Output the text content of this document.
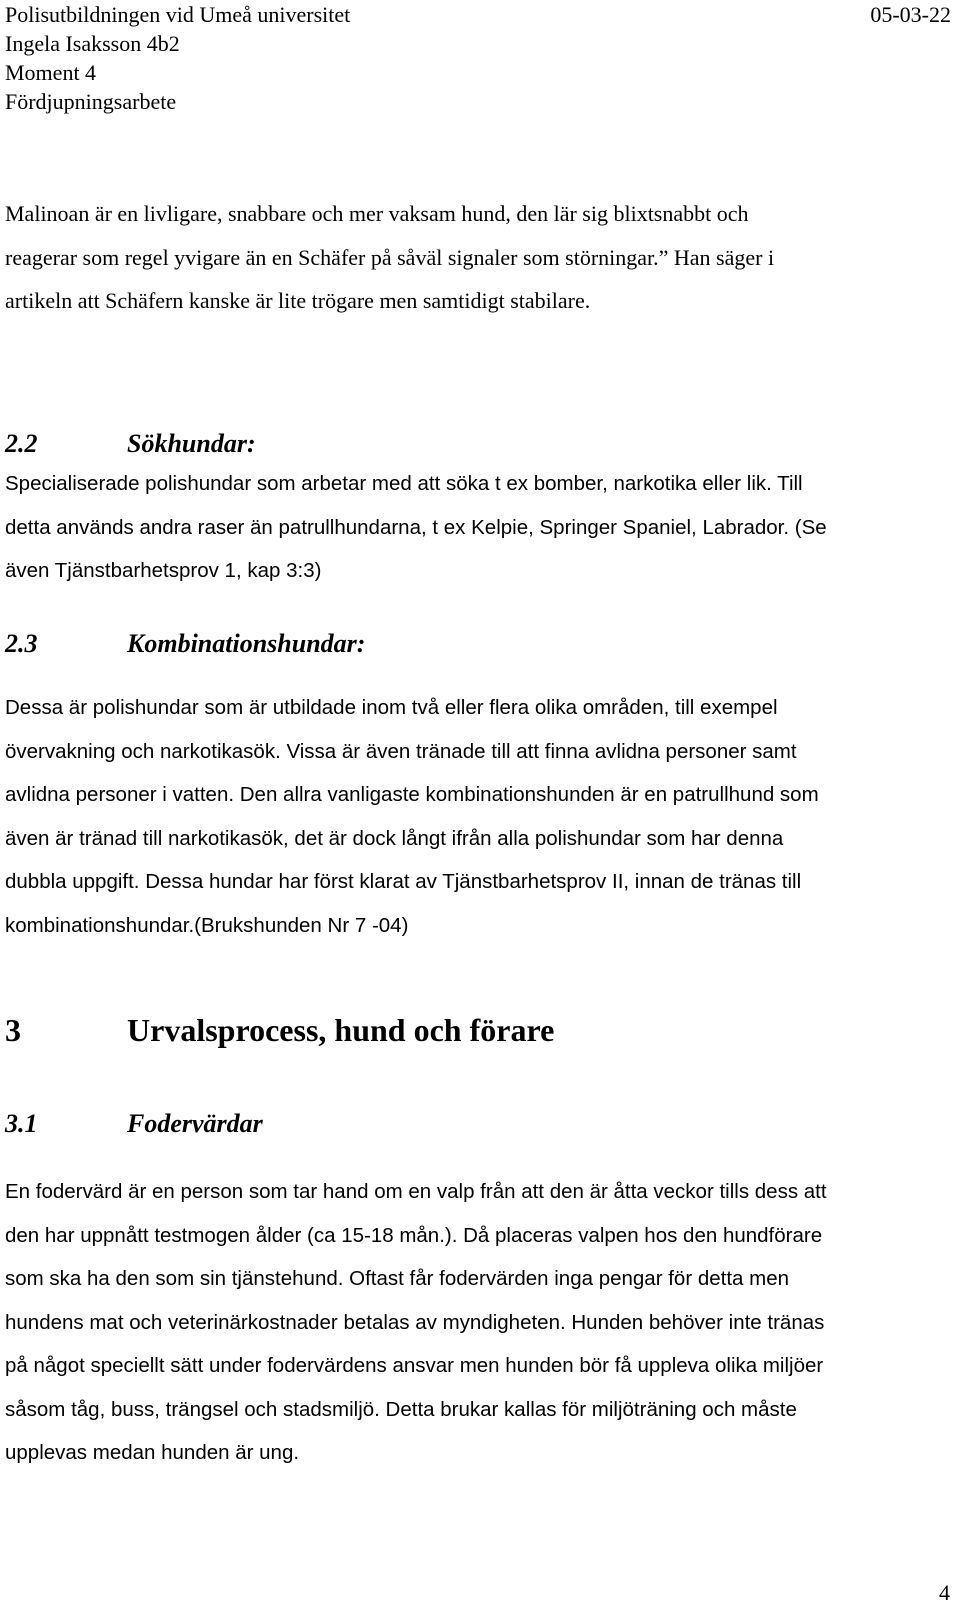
Polisutbildningen vid Umeå universitet	05-03-22
Ingela Isaksson 4b2
Moment 4
Fördjupningsarbete
Malinoan är en livligare, snabbare och mer vaksam hund, den lär sig blixtsnabbt och
reagerar som regel yvigare än en Schäfer på såväl signaler som störningar.” Han säger i
artikeln att Schäfern kanske är lite trögare men samtidigt stabilare.
2.2	Sökhundar:
Specialiserade polishundar som arbetar med att söka t ex bomber, narkotika eller lik. Till
detta används andra raser än patrullhundarna, t ex Kelpie, Springer Spaniel, Labrador. (Se
även Tjänstbarhetsprov 1, kap 3:3)
2.3	Kombinationshundar:
Dessa är polishundar som är utbildade inom två eller flera olika områden, till exempel
övervakning och narkotikasök. Vissa är även tränade till att finna avlidna personer samt
avlidna personer i vatten. Den allra vanligaste kombinationshunden är en patrullhund som
även är tränad till narkotikasök, det är dock långt ifrån alla polishundar som har denna
dubbla uppgift. Dessa hundar har först klarat av Tjänstbarhetsprov II, innan de tränas till
kombinationshundar.(Brukshunden Nr 7 -04)
3	Urvalsprocess, hund och förare
3.1	Fodervärdar
En fodervärd är en person som tar hand om en valp från att den är åtta veckor tills dess att
den har uppnått testmogen ålder (ca 15-18 mån.). Då placeras valpen hos den hundförare
som ska ha den som sin tjänstehund. Oftast får fodervärden inga pengar för detta men
hundens mat och veterinärkostnader betalas av myndigheten. Hunden behöver inte tränas
på något speciellt sätt under fodervärdens ansvar men hunden bör få uppleva olika miljöer
såsom tåg, buss, trängsel och stadsmiljö. Detta brukar kallas för miljöträning och måste
upplevas medan hunden är ung.
4
